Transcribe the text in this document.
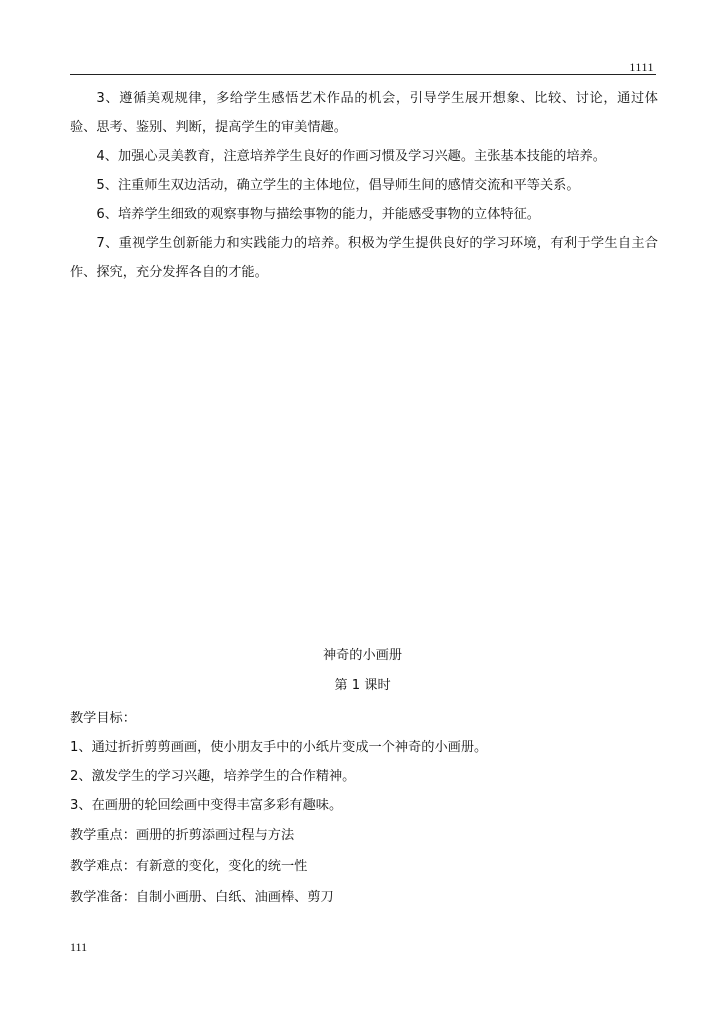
1111

3、遵循美观规律，多给学生感悟艺术作品的机会，引导学生展开想象、比较、讨论，通过体验、思考、鉴别、判断，提高学生的审美情趣。

4、加强心灵美教育，注意培养学生良好的作画习惯及学习兴趣。主张基本技能的培养。

5、注重师生双边活动，确立学生的主体地位，倡导师生间的感情交流和平等关系。

6、培养学生细致的观察事物与描绘事物的能力，并能感受事物的立体特征。

7、重视学生创新能力和实践能力的培养。积极为学生提供良好的学习环境，有利于学生自主合作、探究，充分发挥各自的才能。

神奇的小画册
第 1 课时

教学目标：

1、通过折折剪剪画画，使小朋友手中的小纸片变成一个神奇的小画册。

2、激发学生的学习兴趣，培养学生的合作精神。

3、在画册的轮回绘画中变得丰富多彩有趣味。

教学重点：画册的折剪添画过程与方法

教学难点：有新意的变化，变化的统一性

教学准备：自制小画册、白纸、油画棒、剪刀

111
